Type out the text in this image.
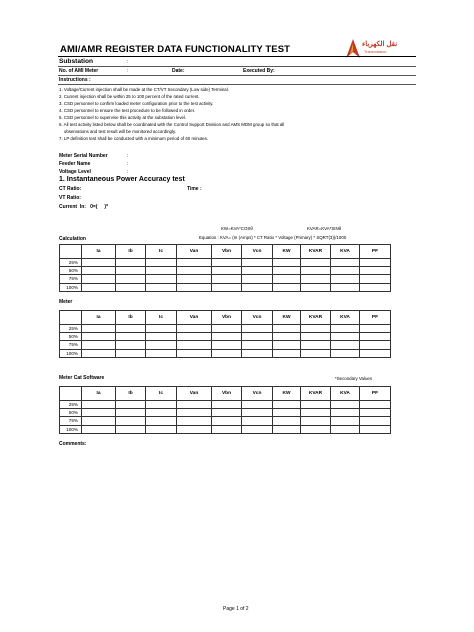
AMI/AMR REGISTER DATA FUNCTIONALITY TEST	نقل الكهرباء
Transmission
Substation	:
No. of AMI Meter	:	Date:	Executed By:
Instructions :
1. Voltage/Current injection shall be made at the CT/VT Secondary (Low side) Terminal.
2. Current injection shall be within 25 to 100 percent of the rated current.
3. CSD personnel to confirm loaded meter configuration prior to the test activity.
4. CSD personnel to ensure the test procedure to be followed in order.
5. CSD personnel to supervise this activity at the substation level.
6. All test activity listed below shall be coordinated with the Control Support Division and AMS MDM group so that all
observations and test result will be monitored accordingly.
7. LP definition test shall be conducted with a minimum period of 60 minutes.
Meter Serial Number	:
Feeder Name	:
Voltage Level	:
1. Instantaneous Power Accuracy test
CT Ratio:	Time :
VT Ratio:
Current  In:   0=(     )*
KW=KVA*COSθ	KVAR=KVA*SINθ
Equation : KVA= (In (Amps) * CT Ratio * Voltage (Primary) * SQRT(3))/1000
Calculation
	Ia	Ib	Ic	Van	Vbn	Vcn	KW	KVAR	KVA	PF
25%										
50%										
75%										
100%										
Meter
	Ia	Ib	Ic	Van	Vbn	Vcn	KW	KVAR	KVA	PF
25%										
50%										
75%										
100%										
Meter Cat Software	*Secondary Values
	Ia	Ib	Ic	Van	Vbn	Vcn	KW	KVAR	KVA	PF
25%										
50%										
75%										
100%										
Comments:
Page 1 of 2
